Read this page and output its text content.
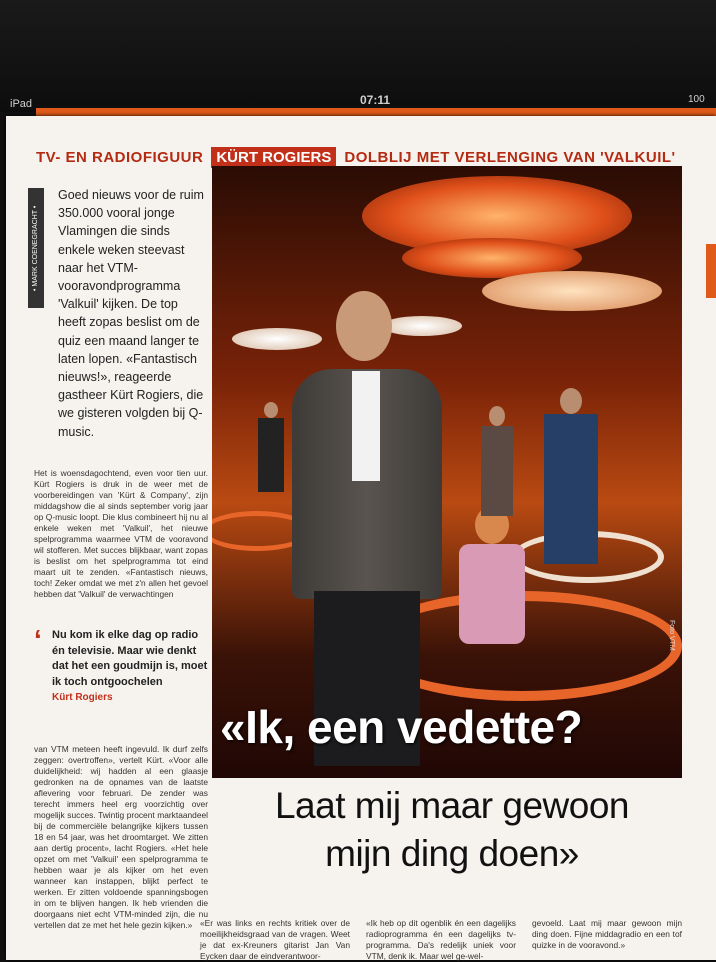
iPad	07:11	100
TV- EN RADIOFIGUUR KÜRT ROGIERS DOLBLIJ MET VERLENGING VAN 'VALKUIL'
• MARK COENEGRACHT •
Goed nieuws voor de ruim 350.000 vooral jonge Vlamingen die sinds enkele weken steevast naar het VTM-vooravondprogramma 'Valkuil' kijken. De top heeft zopas beslist om de quiz een maand langer te laten lopen. «Fantastisch nieuws!», reageerde gastheer Kürt Rogiers, die we gisteren volgden bij Q-music.
Het is woensdagochtend, even voor tien uur. Kürt Rogiers is druk in de weer met de voorbereidingen van 'Kürt & Company', zijn middagshow die al sinds september vorig jaar op Q-music loopt. Die klus combineert hij nu al enkele weken met 'Valkuil', het nieuwe spelprogramma waarmee VTM de vooravond wil stofferen. Met succes blijkbaar, want zopas is beslist om het spelprogramma tot eind maart uit te zenden. «Fantastisch nieuws, toch! Zeker omdat we met z'n allen het gevoel hebben dat 'Valkuil' de verwachtingen
‘ Nu kom ik elke dag op radio én televisie. Maar wie denkt dat het een goudmijn is, moet ik toch ontgoochelen
Kürt Rogiers
van VTM meteen heeft ingevuld. Ik durf zelfs zeggen: overtroffen», vertelt Kürt. «Voor alle duidelijkheid: wij hadden al een glaasje gedronken na de opnames van de laatste aflevering voor februari. De zender was terecht immers heel erg voorzichtig over mogelijk succes. Twintig procent marktaandeel bij de commerciële belangrijke kijkers tussen 18 en 54 jaar, was het droomtarget. We zitten aan dertig procent», lacht Rogiers. «Het hele opzet om met 'Valkuil' een spelprogramma te hebben waar je als kijker om het even wanneer kan instappen, blijkt perfect te werken. Er zitten voldoende spanningsbogen in om te blijven hangen. Ik heb vrienden die doorgaans niet echt VTM-minded zijn, die nu vertellen dat ze met het hele gezin kijken.»
«Ik, een vedette?
Foto VTM
Laat mij maar gewoon
mijn ding doen»
«Er was links en rechts kritiek over de moeilijkheidsgraad van de vragen. Weet je dat ex-Kreuners gitarist Jan Van Eycken daar de eindverantwoor-
«Ik heb op dit ogenblik én een dagelijks radioprogramma én een dagelijks tv-programma. Da's redelijk uniek voor VTM, denk ik. Maar wel ge-wel-
gevoeld. Laat mij maar gewoon mijn ding doen. Fijne middagradio en een tof quizke in de vooravond.»
